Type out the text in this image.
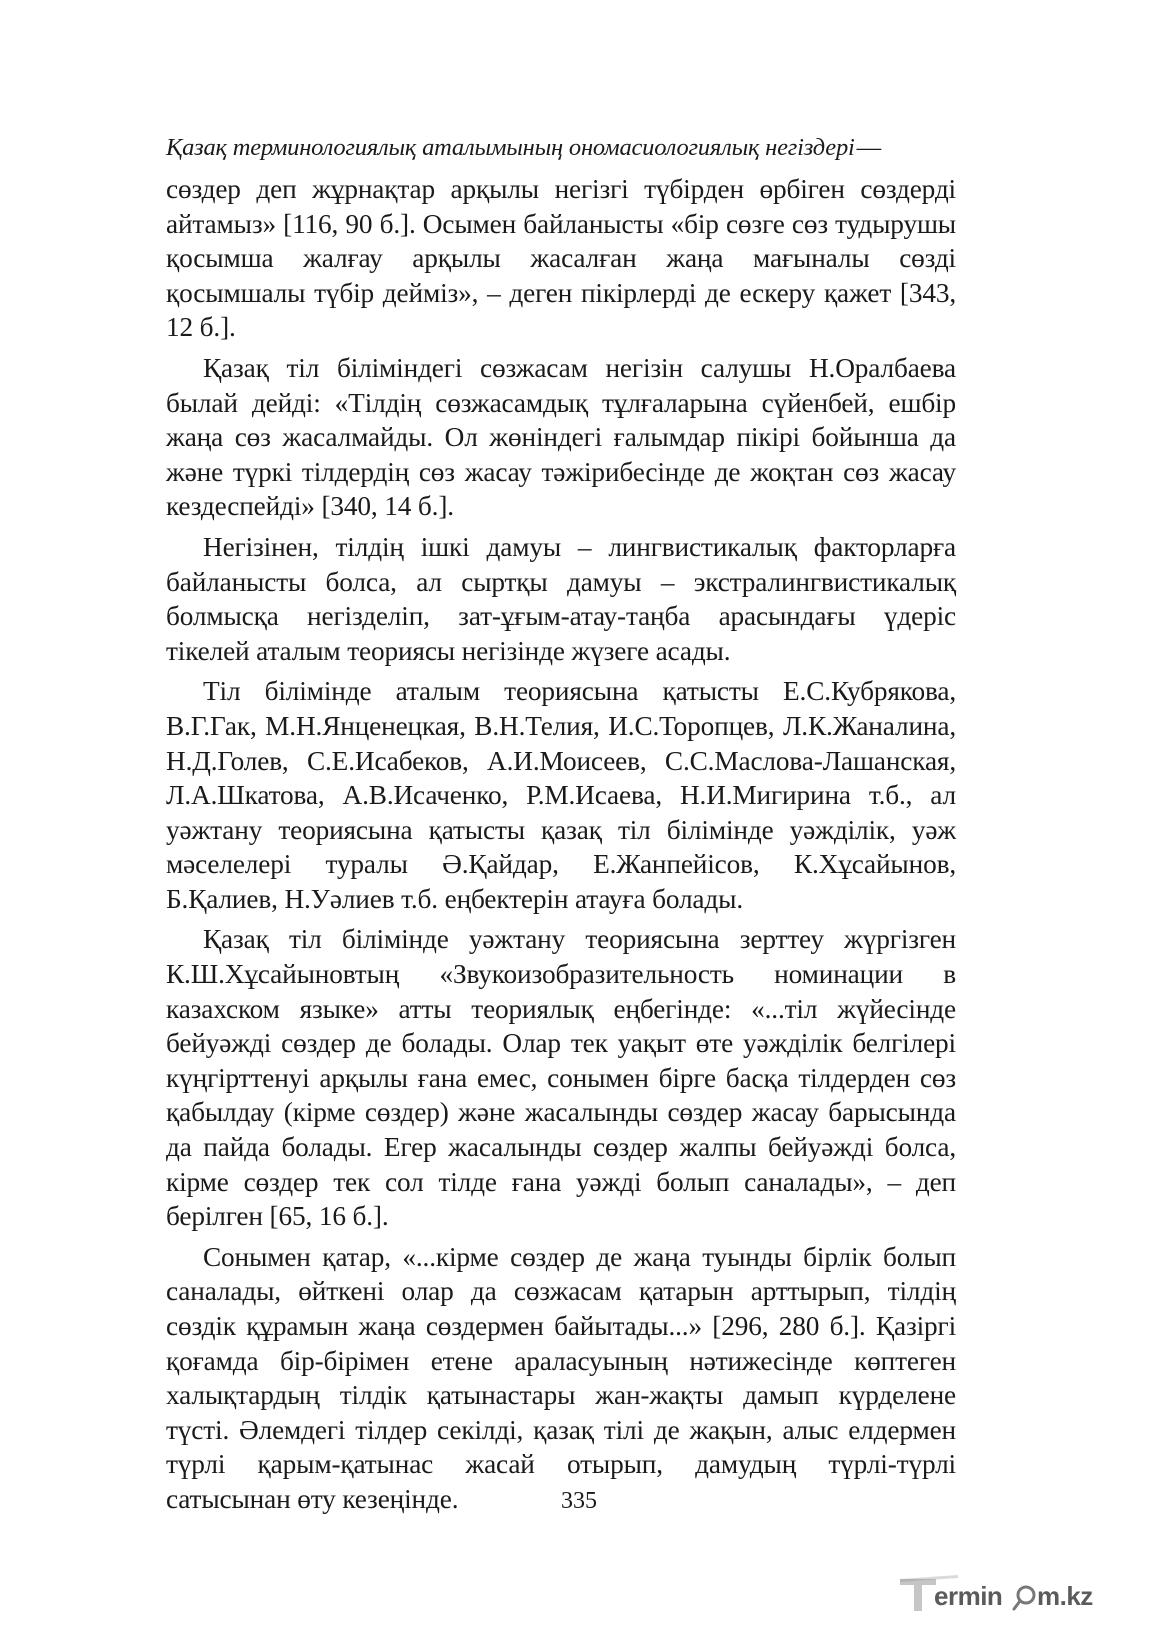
Қазақ терминологиялық аталымының ономасиологиялық негіздері—

сөздер деп жұрнақтар арқылы негізгі түбірден өрбіген сөздерді айтамыз» [116, 90 б.]. Осымен байланысты «бір сөзге сөз тудырушы қосымша жалғау арқылы жасалған жаңа мағыналы сөзді қосымшалы түбір дейміз», – деген пікірлерді де ескеру қажет [343, 12 б.].

Қазақ тіл біліміндегі сөзжасам негізін салушы Н.Оралбаева былай дейді: «Тілдің сөзжасамдық тұлғаларына сүйенбей, ешбір жаңа сөз жасалмайды. Ол жөніндегі ғалымдар пікірі бойынша да және түркі тілдердің сөз жасау тәжірибесінде де жоқтан сөз жасау кездеспейді» [340, 14 б.].

Негізінен, тілдің ішкі дамуы – лингвистикалық факторларға байланысты болса, ал сыртқы дамуы – экстралингвистикалық болмысқа негізделіп, зат-ұғым-атау-таңба арасындағы үдеріс тікелей аталым теориясы негізінде жүзеге асады.

Тіл білімінде аталым теориясына қатысты Е.С.Кубрякова, В.Г.Гак, М.Н.Янценецкая, В.Н.Телия, И.С.Торопцев, Л.К.Жаналина, Н.Д.Голев, С.Е.Исабеков, А.И.Моисеев, С.С.Маслова-Лашанская, Л.А.Шкатова, А.В.Исаченко, Р.М.Исаева, Н.И.Мигирина т.б., ал уәжтану теориясына қатысты қазақ тіл білімінде уәжділік, уәж мәселелері туралы Ә.Қайдар, Е.Жанпейісов, К.Хұсайынов, Б.Қалиев, Н.Уәлиев т.б. еңбектерін атауға болады.

Қазақ тіл білімінде уәжтану теориясына зерттеу жүргізген К.Ш.Хұсайыновтың «Звукоизобразительность номинации в казахском языке» атты теориялық еңбегінде: «...тіл жүйесінде бейуәжді сөздер де болады. Олар тек уақыт өте уәжділік белгілері күңгірттенуі арқылы ғана емес, сонымен бірге басқа тілдерден сөз қабылдау (кірме сөздер) және жасалынды сөздер жасау барысында да пайда болады. Егер жасалынды сөздер жалпы бейуәжді болса, кірме сөздер тек сол тілде ғана уәжді болып саналады», – деп берілген [65, 16 б.].

Сонымен қатар, «...кірме сөздер де жаңа туынды бірлік болып саналады, өйткені олар да сөзжасам қатарын арттырып, тілдің сөздік құрамын жаңа сөздермен байытады...» [296, 280 б.]. Қазіргі қоғамда бір-бірімен етене араласуының нәтижесінде көптеген халықтардың тілдік қатынастары жан-жақты дамып күрделене түсті. Әлемдегі тілдер секілді, қазақ тілі де жақын, алыс елдермен түрлі қарым-қатынас жасай отырып, дамудың түрлі-түрлі сатысынан өту кезеңінде.	335
ermin m.kz
